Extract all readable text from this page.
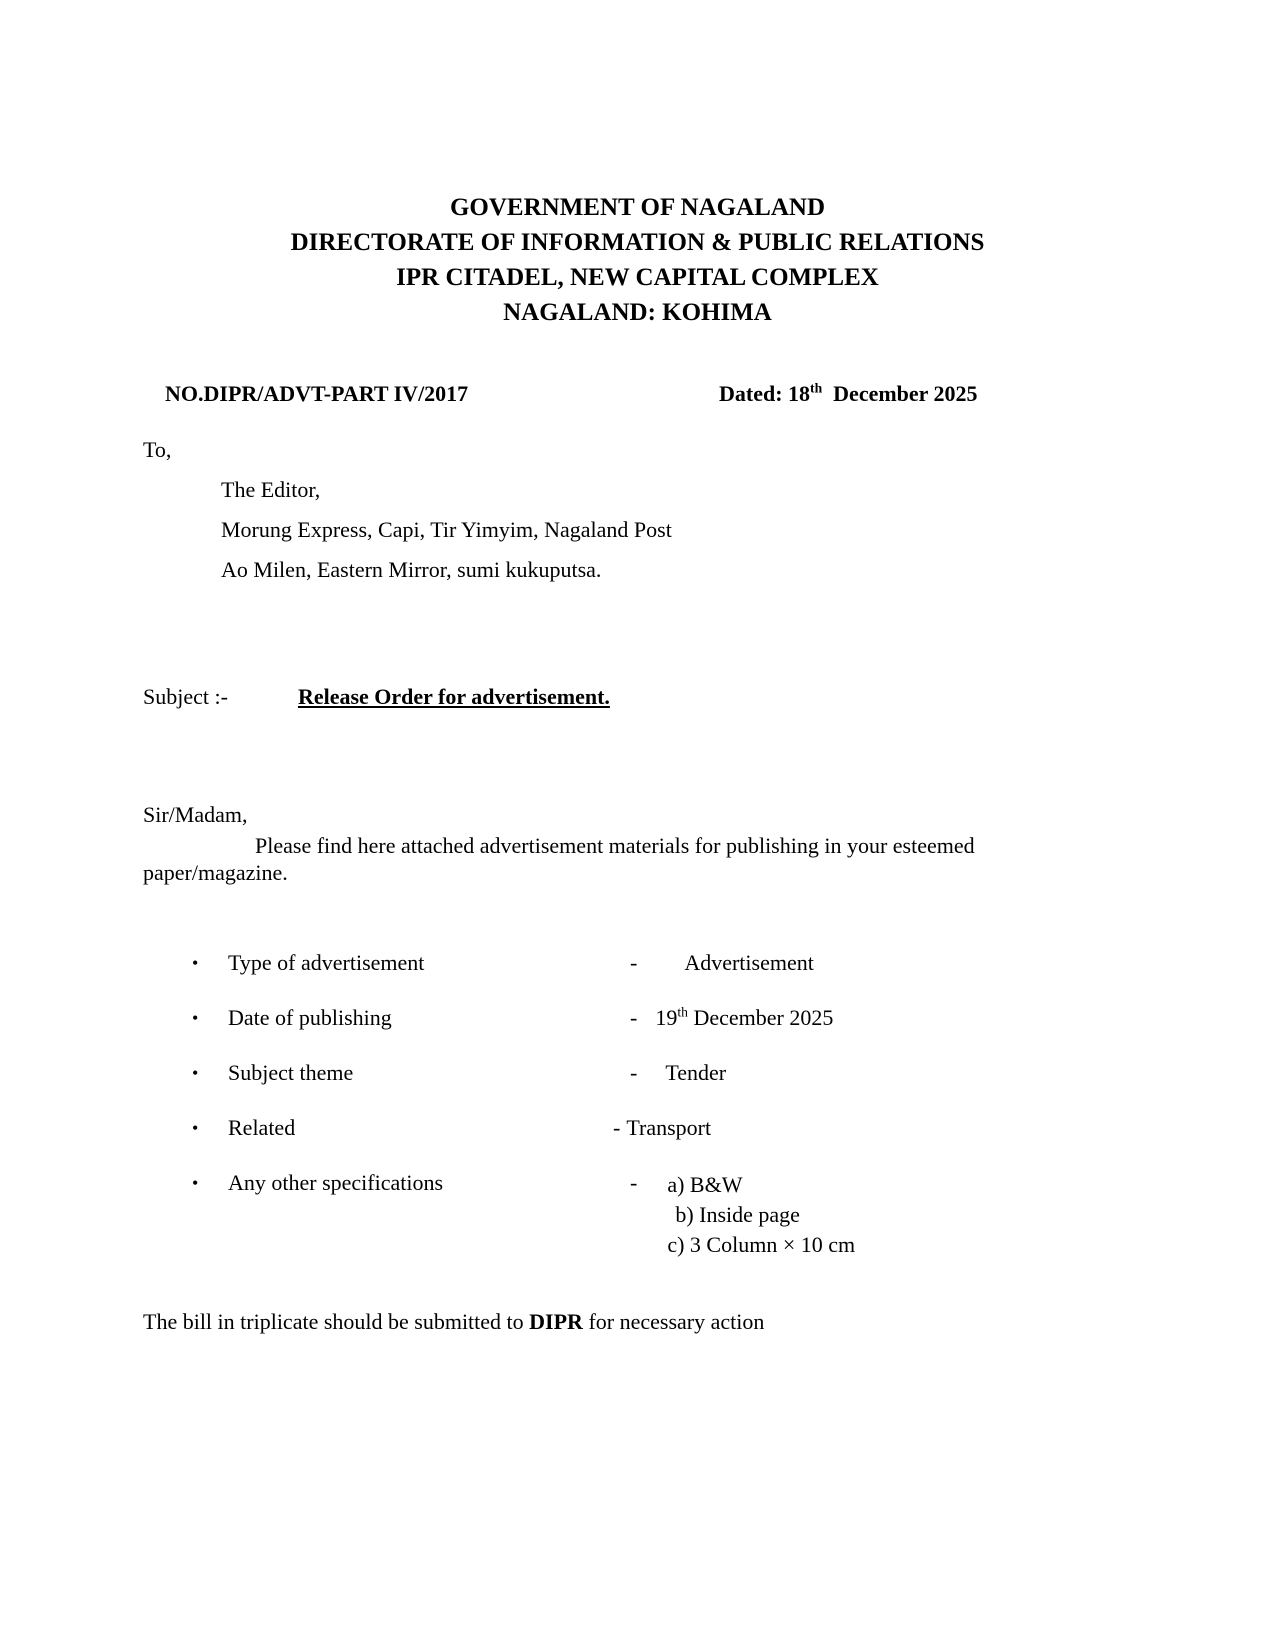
GOVERNMENT OF NAGALAND
DIRECTORATE OF INFORMATION & PUBLIC RELATIONS
IPR CITADEL, NEW CAPITAL COMPLEX
NAGALAND: KOHIMA

NO.DIPR/ADVT-PART IV/2017	Dated: 18th  December 2025

To,
The Editor,
Morung Express, Capi, Tir Yimyim, Nagaland Post
Ao Milen, Eastern Mirror, sumi kukuputsa.
Subject :-	Release Order for advertisement.
Sir/Madam,
Please find here attached advertisement materials for publishing in your esteemed
paper/magazine.
• Type of advertisement	- Advertisement
• Date of publishing	- 19th December 2025
• Subject theme	- Tender
• Related	- Transport
• Any other specifications	- a) B&W
b) Inside page
c) 3 Column × 10 cm
The bill in triplicate should be submitted to DIPR for necessary action
